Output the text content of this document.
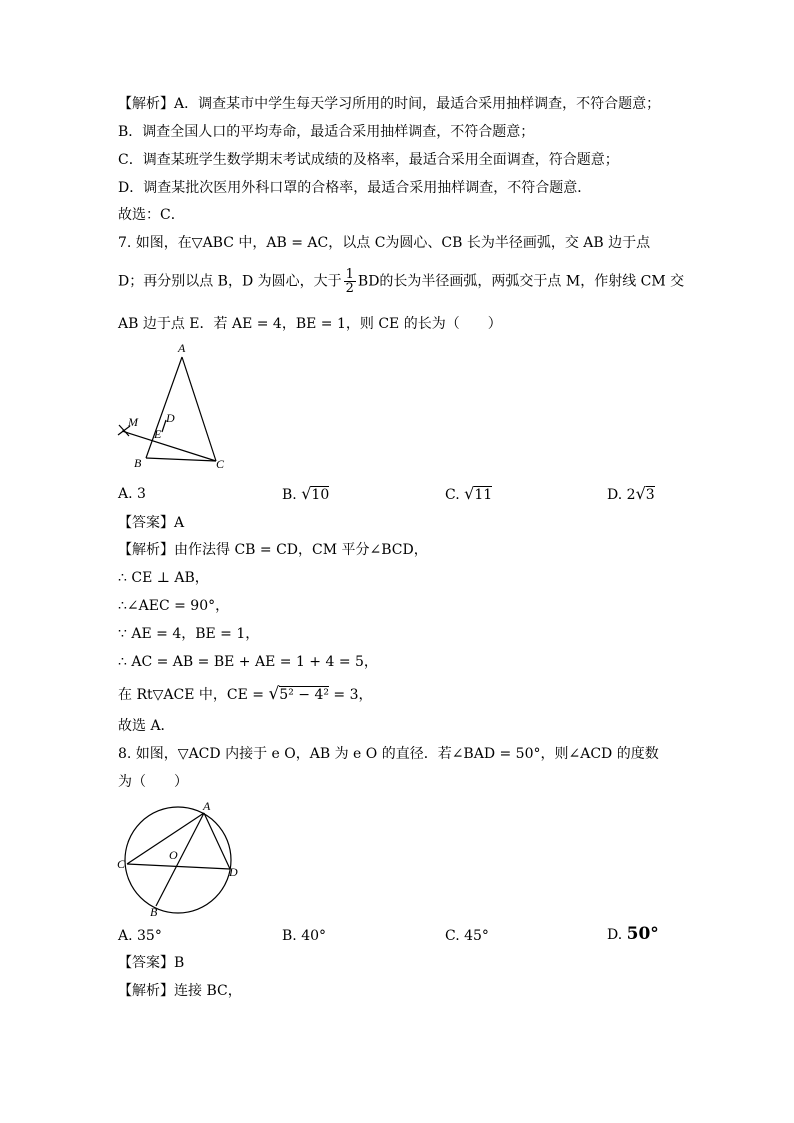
【解析】A．调查某市中学生每天学习所用的时间，最适合采用抽样调查，不符合题意；
B．调查全国人口的平均寿命，最适合采用抽样调查，不符合题意；
C．调查某班学生数学期末考试成绩的及格率，最适合采用全面调查，符合题意；
D．调查某批次医用外科口罩的合格率，最适合采用抽样调查，不符合题意．
故选：C．
7. 如图，在▽ABC 中，AB = AC，以点 C为圆心、CB 长为半径画弧，交 AB 边于点
D；再分别以点 B，D 为圆心，大于 $\frac{1}{2}$ BD的长为半径画弧，两弧交于点 M，作射线 CM 交
AB 边于点 E．若 AE = 4，BE = 1，则 CE 的长为（　　）
A
B	C
D
E
M
A. 3	B. √10	C. √11	D. 2√3
【答案】A
【解析】由作法得 CB = CD，CM 平分∠BCD，
∴ CE ⊥ AB，
∴∠AEC = 90°，
∵ AE = 4，BE = 1，
∴ AC = AB = BE + AE = 1 + 4 = 5，
在 Rt▽ACE 中，CE = √5² − 4² = 3，
故选 A．
8. 如图，▽ACD 内接于 e O，AB 为 e O 的直径．若∠BAD = 50°，则∠ACD 的度数
为（　　）
A
B
C
D
O
A. 35°	B. 40°	C. 45°	D. 50°
【答案】B
【解析】连接 BC，
